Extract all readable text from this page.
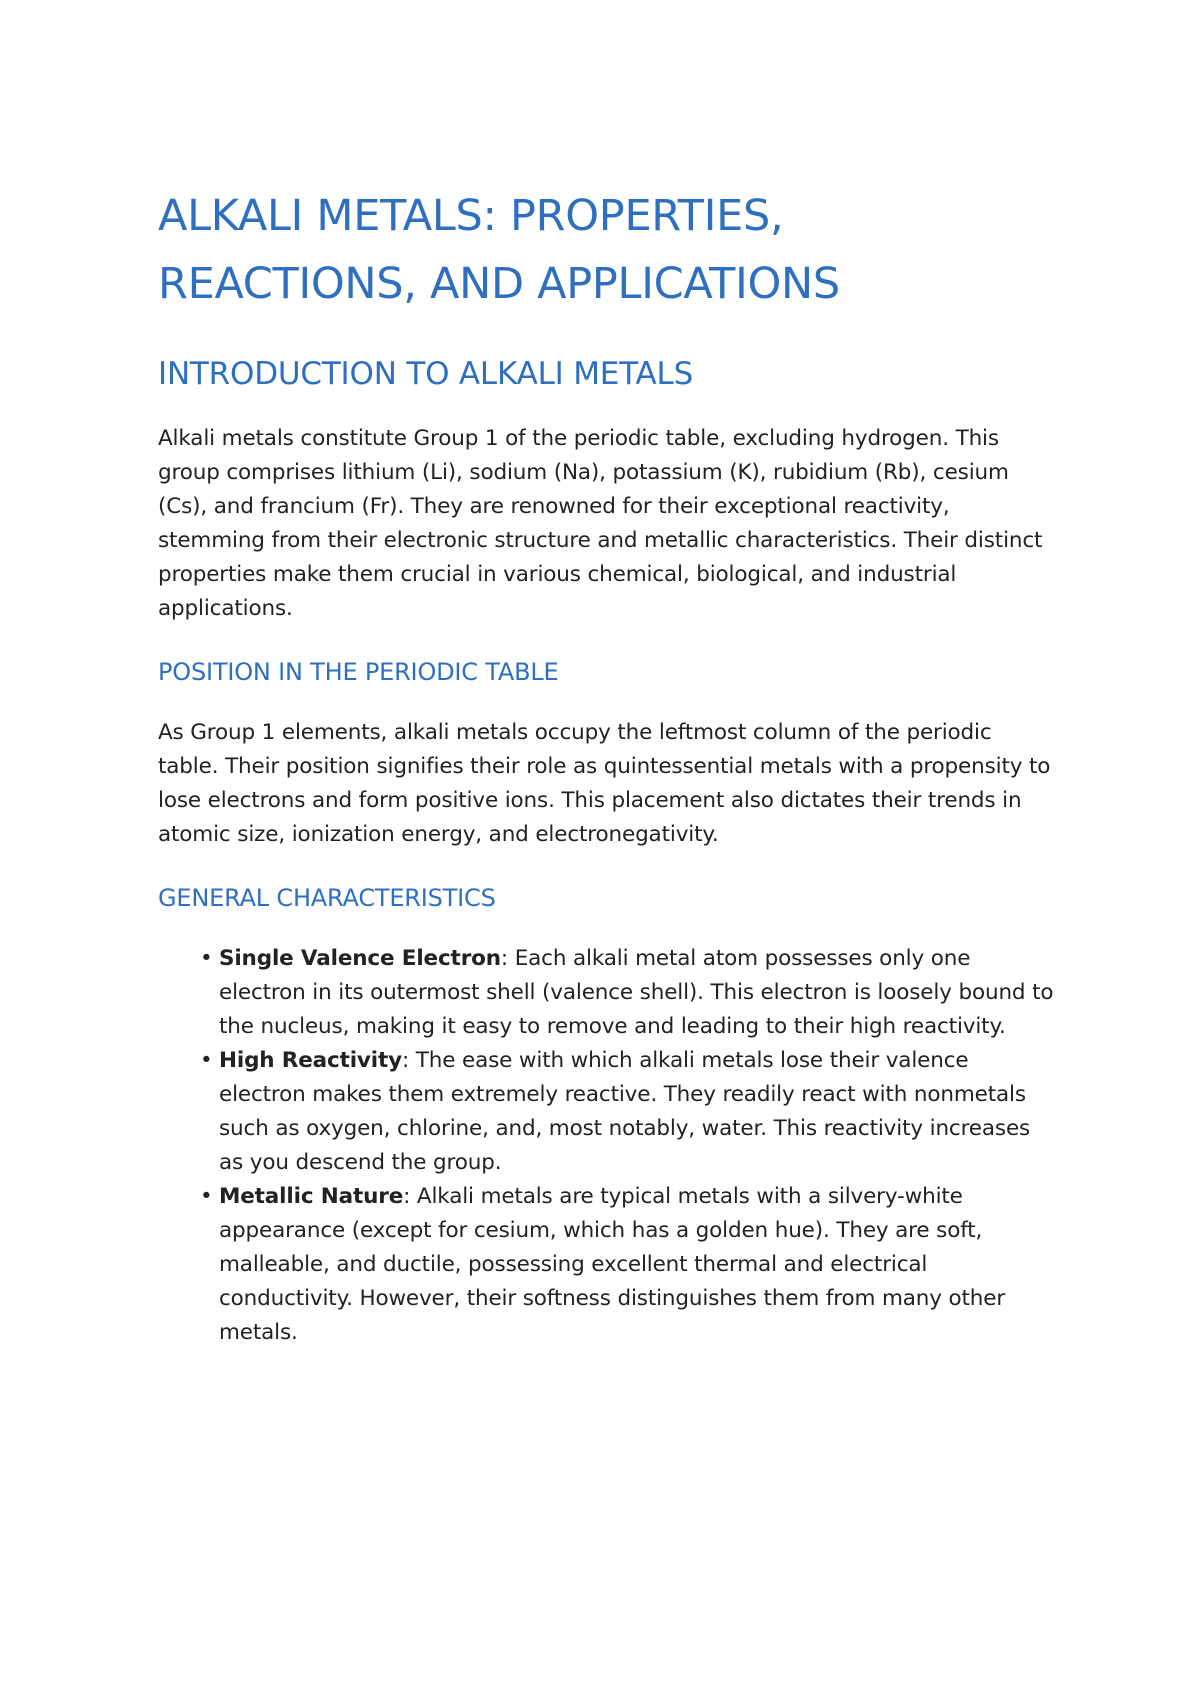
ALKALI METALS: PROPERTIES,
REACTIONS, AND APPLICATIONS
INTRODUCTION TO ALKALI METALS

Alkali metals constitute Group 1 of the periodic table, excluding hydrogen. This group comprises lithium (Li), sodium (Na), potassium (K), rubidium (Rb), cesium (Cs), and francium (Fr). They are renowned for their exceptional reactivity, stemming from their electronic structure and metallic characteristics. Their distinct properties make them crucial in various chemical, biological, and industrial applications.

POSITION IN THE PERIODIC TABLE

As Group 1 elements, alkali metals occupy the leftmost column of the periodic table. Their position signifies their role as quintessential metals with a propensity to lose electrons and form positive ions. This placement also dictates their trends in atomic size, ionization energy, and electronegativity.

GENERAL CHARACTERISTICS
• Single Valence Electron: Each alkali metal atom possesses only one electron in its outermost shell (valence shell). This electron is loosely bound to the nucleus, making it easy to remove and leading to their high reactivity.
• High Reactivity: The ease with which alkali metals lose their valence electron makes them extremely reactive. They readily react with nonmetals such as oxygen, chlorine, and, most notably, water. This reactivity increases as you descend the group.
• Metallic Nature: Alkali metals are typical metals with a silvery-white appearance (except for cesium, which has a golden hue). They are soft, malleable, and ductile, possessing excellent thermal and electrical conductivity. However, their softness distinguishes them from many other metals.
